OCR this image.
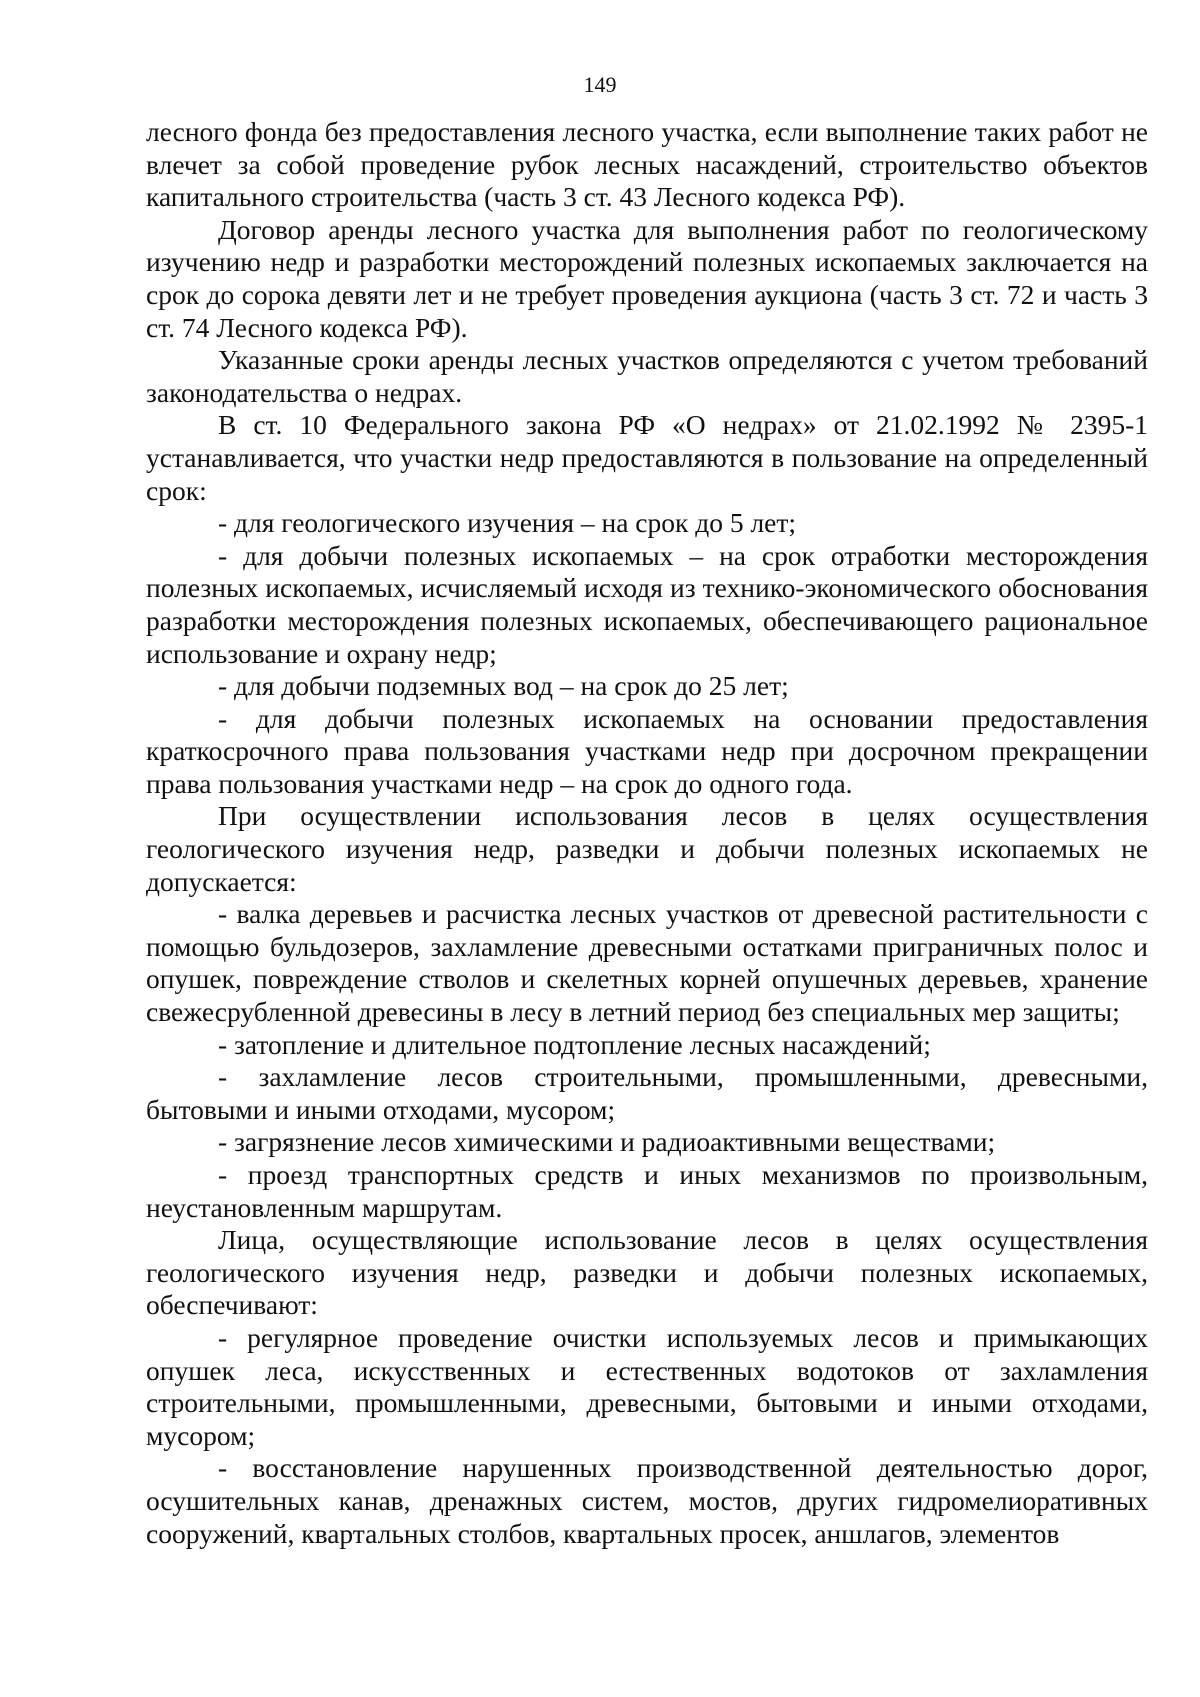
149

лесного фонда без предоставления лесного участка, если выполнение таких работ не влечет за собой проведение рубок лесных насаждений, строительство объектов капитального строительства (часть 3 ст. 43 Лесного кодекса РФ).

Договор аренды лесного участка для выполнения работ по геологическому изучению недр и разработки месторождений полезных ископаемых заключается на срок до сорока девяти лет и не требует проведения аукциона (часть 3 ст. 72 и часть 3 ст. 74 Лесного кодекса РФ).

Указанные сроки аренды лесных участков определяются с учетом требований законодательства о недрах.

В ст. 10 Федерального закона РФ «О недрах» от 21.02.1992 № 2395-1 устанавливается, что участки недр предоставляются в пользование на определенный срок:

- для геологического изучения – на срок до 5 лет;

- для добычи полезных ископаемых – на срок отработки месторождения полезных ископаемых, исчисляемый исходя из технико-экономического обоснования разработки месторождения полезных ископаемых, обеспечивающего рациональное использование и охрану недр;

- для добычи подземных вод – на срок до 25 лет;

- для добычи полезных ископаемых на основании предоставления краткосрочного права пользования участками недр при досрочном прекращении права пользования участками недр – на срок до одного года.

При осуществлении использования лесов в целях осуществления геологического изучения недр, разведки и добычи полезных ископаемых не допускается:

- валка деревьев и расчистка лесных участков от древесной растительности с помощью бульдозеров, захламление древесными остатками приграничных полос и опушек, повреждение стволов и скелетных корней опушечных деревьев, хранение свежесрубленной древесины в лесу в летний период без специальных мер защиты;

- затопление и длительное подтопление лесных насаждений;

- захламление лесов строительными, промышленными, древесными, бытовыми и иными отходами, мусором;

- загрязнение лесов химическими и радиоактивными веществами;

- проезд транспортных средств и иных механизмов по произвольным, неустановленным маршрутам.

Лица, осуществляющие использование лесов в целях осуществления геологического изучения недр, разведки и добычи полезных ископаемых, обеспечивают:

- регулярное проведение очистки используемых лесов и примыкающих опушек леса, искусственных и естественных водотоков от захламления строительными, промышленными, древесными, бытовыми и иными отходами, мусором;

- восстановление нарушенных производственной деятельностью дорог, осушительных канав, дренажных систем, мостов, других гидромелиоративных сооружений, квартальных столбов, квартальных просек, аншлагов, элементов
